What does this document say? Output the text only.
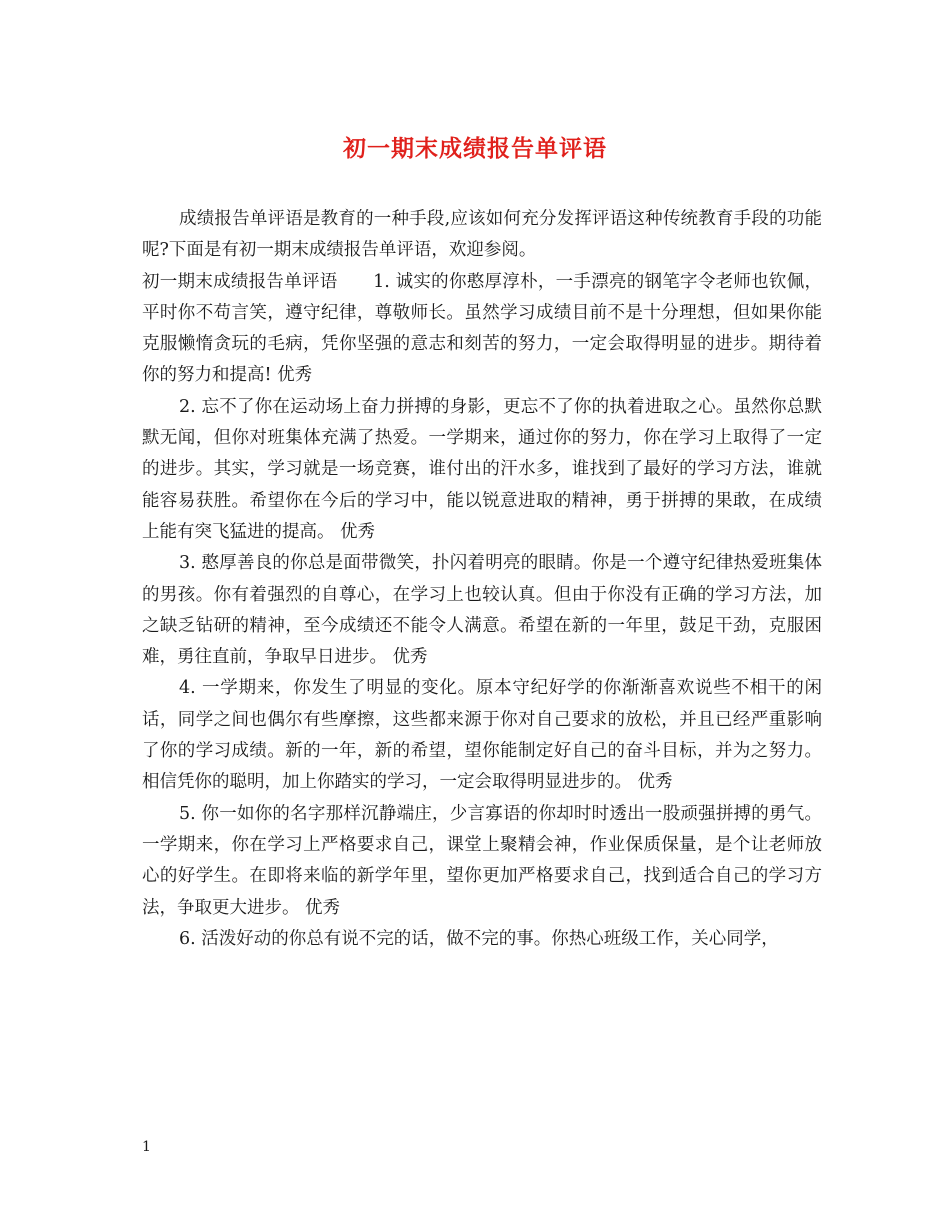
初一期末成绩报告单评语

成绩报告单评语是教育的一种手段,应该如何充分发挥评语这种传统教育手段的功能呢?下面是有初一期末成绩报告单评语，欢迎参阅。

初一期末成绩报告单评语　　1. 诚实的你憨厚淳朴，一手漂亮的钢笔字令老师也钦佩，平时你不苟言笑，遵守纪律，尊敬师长。虽然学习成绩目前不是十分理想，但如果你能克服懒惰贪玩的毛病，凭你坚强的意志和刻苦的努力，一定会取得明显的进步。期待着你的努力和提高! 优秀

2. 忘不了你在运动场上奋力拼搏的身影，更忘不了你的执着进取之心。虽然你总默默无闻，但你对班集体充满了热爱。一学期来，通过你的努力，你在学习上取得了一定的进步。其实，学习就是一场竞赛，谁付出的汗水多，谁找到了最好的学习方法，谁就能容易获胜。希望你在今后的学习中，能以锐意进取的精神，勇于拼搏的果敢，在成绩上能有突飞猛进的提高。 优秀

3. 憨厚善良的你总是面带微笑，扑闪着明亮的眼睛。你是一个遵守纪律热爱班集体的男孩。你有着强烈的自尊心，在学习上也较认真。但由于你没有正确的学习方法，加之缺乏钻研的精神，至今成绩还不能令人满意。希望在新的一年里，鼓足干劲，克服困难，勇往直前，争取早日进步。 优秀

4. 一学期来，你发生了明显的变化。原本守纪好学的你渐渐喜欢说些不相干的闲话，同学之间也偶尔有些摩擦，这些都来源于你对自己要求的放松，并且已经严重影响了你的学习成绩。新的一年，新的希望，望你能制定好自己的奋斗目标，并为之努力。相信凭你的聪明，加上你踏实的学习，一定会取得明显进步的。 优秀

5. 你一如你的名字那样沉静端庄，少言寡语的你却时时透出一股顽强拼搏的勇气。一学期来，你在学习上严格要求自己，课堂上聚精会神，作业保质保量，是个让老师放心的好学生。在即将来临的新学年里，望你更加严格要求自己，找到适合自己的学习方法，争取更大进步。 优秀

6. 活泼好动的你总有说不完的话，做不完的事。你热心班级工作，关心同学，

1
